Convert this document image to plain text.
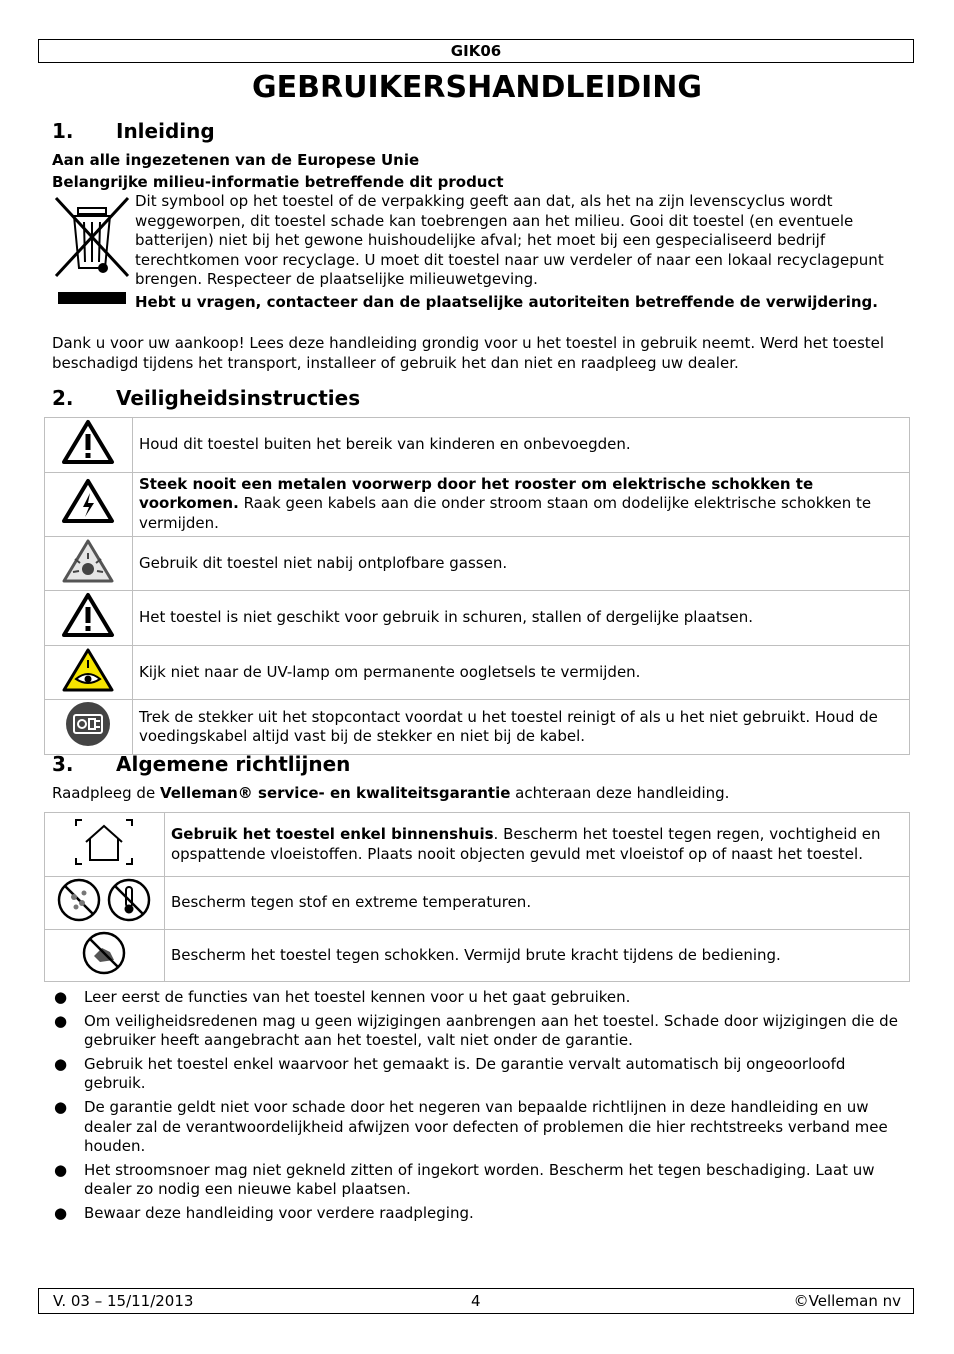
GIK06
GEBRUIKERSHANDLEIDING
1. Inleiding
Aan alle ingezetenen van de Europese Unie
Belangrijke milieu-informatie betreffende dit product
Dit symbool op het toestel of de verpakking geeft aan dat, als het na zijn levenscyclus wordt weggeworpen, dit toestel schade kan toebrengen aan het milieu. Gooi dit toestel (en eventuele batterijen) niet bij het gewone huishoudelijke afval; het moet bij een gespecialiseerd bedrijf terechtkomen voor recyclage. U moet dit toestel naar uw verdeler of naar een lokaal recyclagepunt brengen. Respecteer de plaatselijke milieuwetgeving.
Hebt u vragen, contacteer dan de plaatselijke autoriteiten betreffende de verwijdering.
Dank u voor uw aankoop! Lees deze handleiding grondig voor u het toestel in gebruik neemt. Werd het toestel beschadigd tijdens het transport, installeer of gebruik het dan niet en raadpleeg uw dealer.
2. Veiligheidsinstructies
	Houd dit toestel buiten het bereik van kinderen en onbevoegden.
	Steek nooit een metalen voorwerp door het rooster om elektrische schokken te voorkomen. Raak geen kabels aan die onder stroom staan om dodelijke elektrische schokken te vermijden.
	Gebruik dit toestel niet nabij ontplofbare gassen.
	Het toestel is niet geschikt voor gebruik in schuren, stallen of dergelijke plaatsen.
	Kijk niet naar de UV-lamp om permanente oogletsels te vermijden.
	Trek de stekker uit het stopcontact voordat u het toestel reinigt of als u het niet gebruikt. Houd de voedingskabel altijd vast bij de stekker en niet bij de kabel.
3. Algemene richtlijnen
Raadpleeg de Velleman® service- en kwaliteitsgarantie achteraan deze handleiding.
	Gebruik het toestel enkel binnenshuis. Bescherm het toestel tegen regen, vochtigheid en opspattende vloeistoffen. Plaats nooit objecten gevuld met vloeistof op of naast het toestel.
	Bescherm tegen stof en extreme temperaturen.
	Bescherm het toestel tegen schokken. Vermijd brute kracht tijdens de bediening.
● Leer eerst de functies van het toestel kennen voor u het gaat gebruiken.
● Om veiligheidsredenen mag u geen wijzigingen aanbrengen aan het toestel. Schade door wijzigingen die de gebruiker heeft aangebracht aan het toestel, valt niet onder de garantie.
● Gebruik het toestel enkel waarvoor het gemaakt is. De garantie vervalt automatisch bij ongeoorloofd gebruik.
● De garantie geldt niet voor schade door het negeren van bepaalde richtlijnen in deze handleiding en uw dealer zal de verantwoordelijkheid afwijzen voor defecten of problemen die hier rechtstreeks verband mee houden.
● Het stroomsnoer mag niet gekneld zitten of ingekort worden. Bescherm het tegen beschadiging. Laat uw dealer zo nodig een nieuwe kabel plaatsen.
● Bewaar deze handleiding voor verdere raadpleging.
V. 03 – 15/11/2013	4	©Velleman nv
